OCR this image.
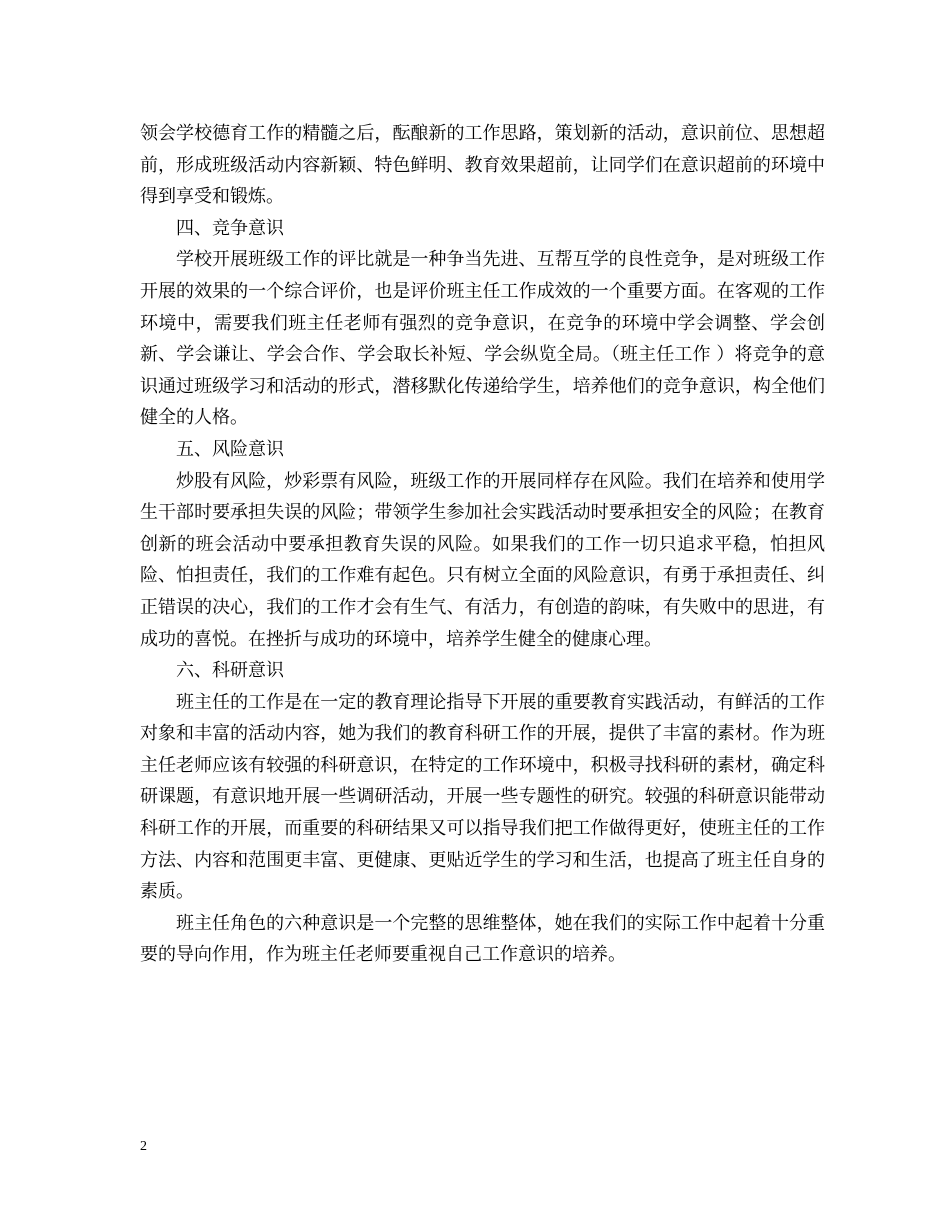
领会学校德育工作的精髓之后，酝酿新的工作思路，策划新的活动，意识前位、思想超前，形成班级活动内容新颖、特色鲜明、教育效果超前，让同学们在意识超前的环境中得到享受和锻炼。

四、竞争意识

学校开展班级工作的评比就是一种争当先进、互帮互学的良性竞争，是对班级工作开展的效果的一个综合评价，也是评价班主任工作成效的一个重要方面。在客观的工作环境中，需要我们班主任老师有强烈的竞争意识，在竞争的环境中学会调整、学会创新、学会谦让、学会合作、学会取长补短、学会纵览全局。（班主任工作 ）将竞争的意识通过班级学习和活动的形式，潜移默化传递给学生，培养他们的竞争意识，构全他们健全的人格。

五、风险意识

炒股有风险，炒彩票有风险，班级工作的开展同样存在风险。我们在培养和使用学生干部时要承担失误的风险；带领学生参加社会实践活动时要承担安全的风险；在教育创新的班会活动中要承担教育失误的风险。如果我们的工作一切只追求平稳，怕担风险、怕担责任，我们的工作难有起色。只有树立全面的风险意识，有勇于承担责任、纠正错误的决心，我们的工作才会有生气、有活力，有创造的韵味，有失败中的思进，有成功的喜悦。在挫折与成功的环境中，培养学生健全的健康心理。

六、科研意识

班主任的工作是在一定的教育理论指导下开展的重要教育实践活动，有鲜活的工作对象和丰富的活动内容，她为我们的教育科研工作的开展，提供了丰富的素材。作为班主任老师应该有较强的科研意识，在特定的工作环境中，积极寻找科研的素材，确定科研课题，有意识地开展一些调研活动，开展一些专题性的研究。较强的科研意识能带动科研工作的开展，而重要的科研结果又可以指导我们把工作做得更好，使班主任的工作方法、内容和范围更丰富、更健康、更贴近学生的学习和生活，也提高了班主任自身的素质。

班主任角色的六种意识是一个完整的思维整体，她在我们的实际工作中起着十分重要的导向作用，作为班主任老师要重视自己工作意识的培养。

2
